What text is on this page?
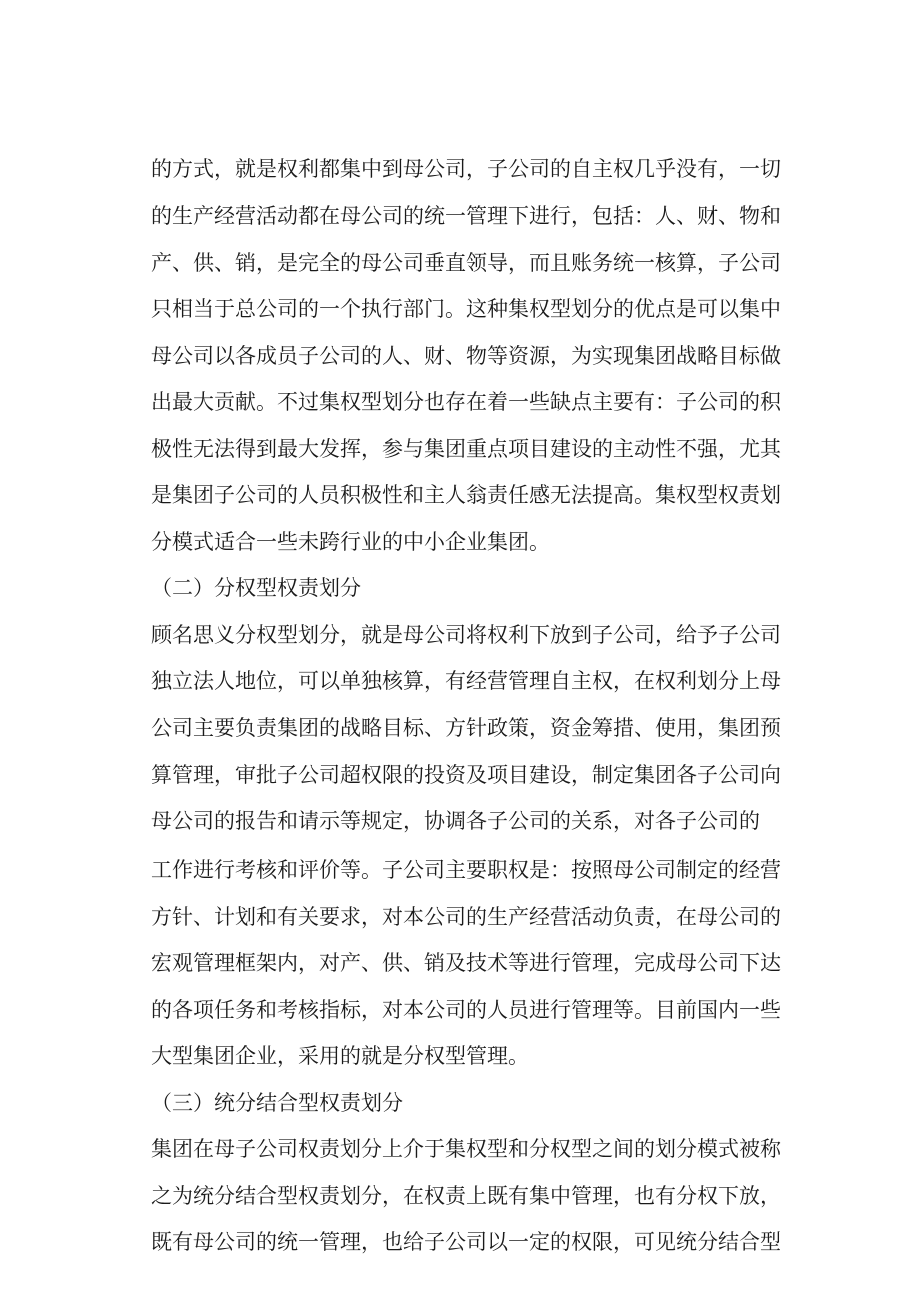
的方式，就是权利都集中到母公司，子公司的自主权几乎没有，一切
的生产经营活动都在母公司的统一管理下进行，包括：人、财、物和
产、供、销，是完全的母公司垂直领导，而且账务统一核算，子公司
只相当于总公司的一个执行部门。这种集权型划分的优点是可以集中
母公司以各成员子公司的人、财、物等资源，为实现集团战略目标做
出最大贡献。不过集权型划分也存在着一些缺点主要有：子公司的积
极性无法得到最大发挥，参与集团重点项目建设的主动性不强，尤其
是集团子公司的人员积极性和主人翁责任感无法提高。集权型权责划
分模式适合一些未跨行业的中小企业集团。
（二）分权型权责划分
顾名思义分权型划分，就是母公司将权利下放到子公司，给予子公司
独立法人地位，可以单独核算，有经营管理自主权，在权利划分上母
公司主要负责集团的战略目标、方针政策，资金筹措、使用，集团预
算管理，审批子公司超权限的投资及项目建设，制定集团各子公司向
母公司的报告和请示等规定，协调各子公司的关系，对各子公司的
工作进行考核和评价等。子公司主要职权是：按照母公司制定的经营
方针、计划和有关要求，对本公司的生产经营活动负责，在母公司的
宏观管理框架内，对产、供、销及技术等进行管理，完成母公司下达
的各项任务和考核指标，对本公司的人员进行管理等。目前国内一些
大型集团企业，采用的就是分权型管理。
（三）统分结合型权责划分
集团在母子公司权责划分上介于集权型和分权型之间的划分模式被称
之为统分结合型权责划分，在权责上既有集中管理，也有分权下放，
既有母公司的统一管理，也给子公司以一定的权限，可见统分结合型
